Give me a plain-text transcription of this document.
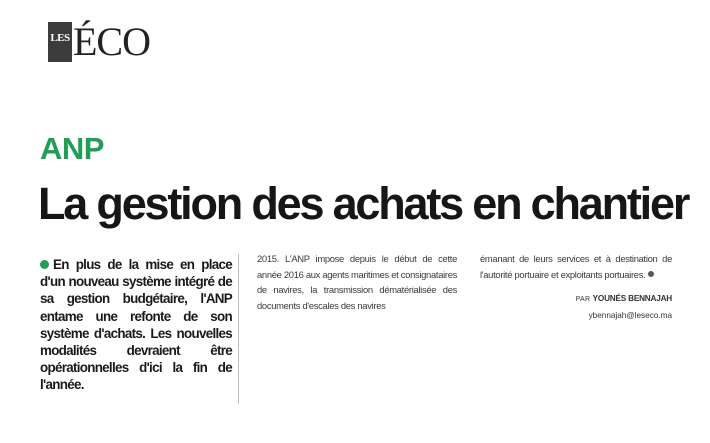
LES ÉCO
ANP
La gestion des achats en chantier
En plus de la mise en place d'un nouveau système intégré de sa gestion budgétaire, l'ANP entame une refonte de son système d'achats. Les nouvelles modalités devraient être opérationnelles d'ici la fin de l'année.
2015. L'ANP impose depuis le début de cette année 2016 aux agents maritimes et consignataires de navires, la transmission dématérialisée des documents d'escales des navires
émanant de leurs services et à destination de l'autorité portuaire et exploitants portuaires.
PAR YOUNÉS BENNAJAH
ybennajah@leseco.ma
